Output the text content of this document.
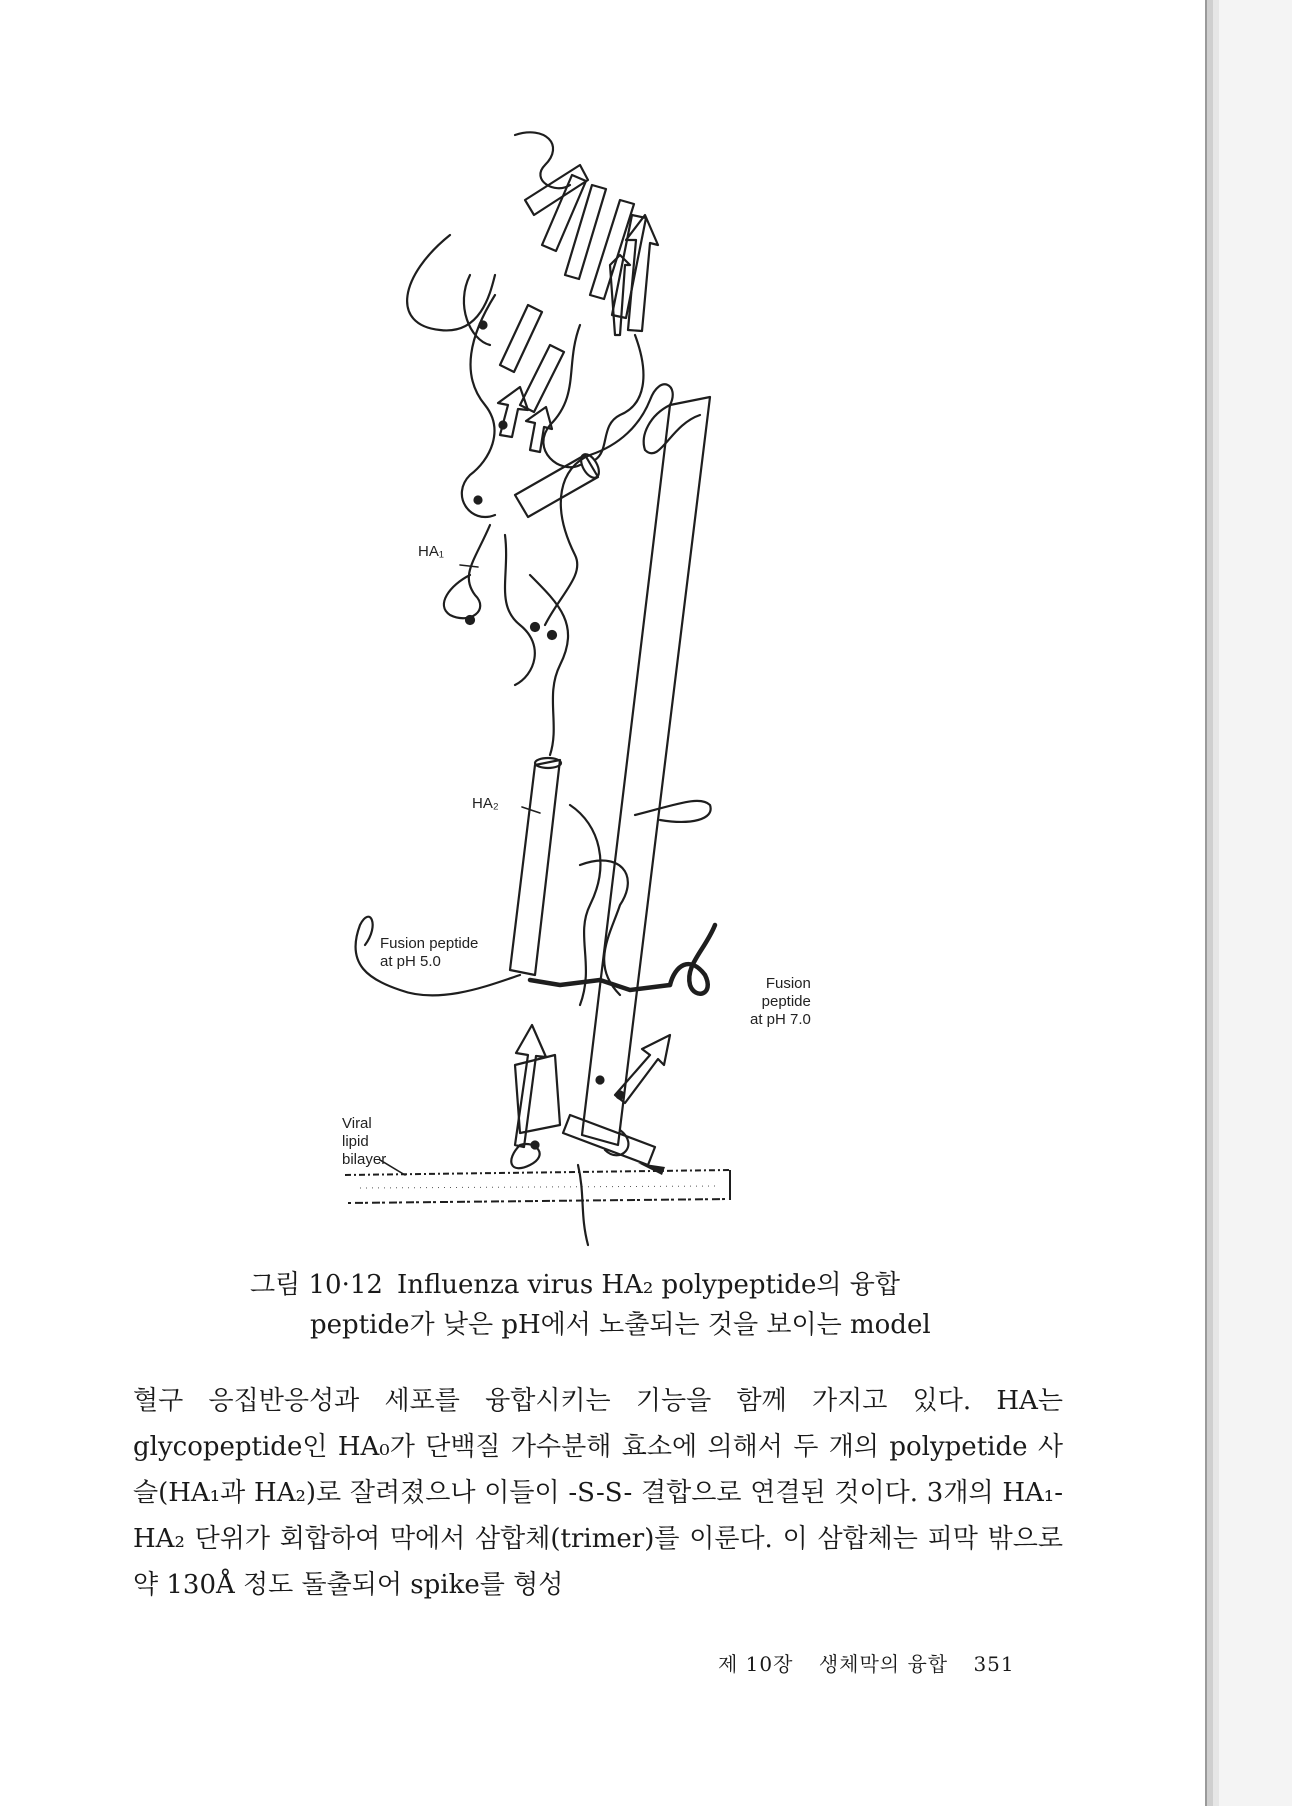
HA₁
HA₂
Fusion peptide
at pH 5.0
Fusion
peptide
at pH 7.0
Viral
lipid
bilayer
그림 10·12 Influenza virus HA₂ polypeptide의 융합
peptide가 낮은 pH에서 노출되는 것을 보이는 model

혈구 응집반응성과 세포를 융합시키는 기능을 함께 가지고 있다. HA는 glycopeptide인 HA₀가 단백질 가수분해 효소에 의해서 두 개의 polypetide 사슬(HA₁과 HA₂)로 잘려졌으나 이들이 -S-S- 결합으로 연결된 것이다. 3개의 HA₁-HA₂ 단위가 회합하여 막에서 삼합체(trimer)를 이룬다. 이 삼합체는 피막 밖으로 약 130Å 정도 돌출되어 spike를 형성

제 10장 생체막의 융합 351
